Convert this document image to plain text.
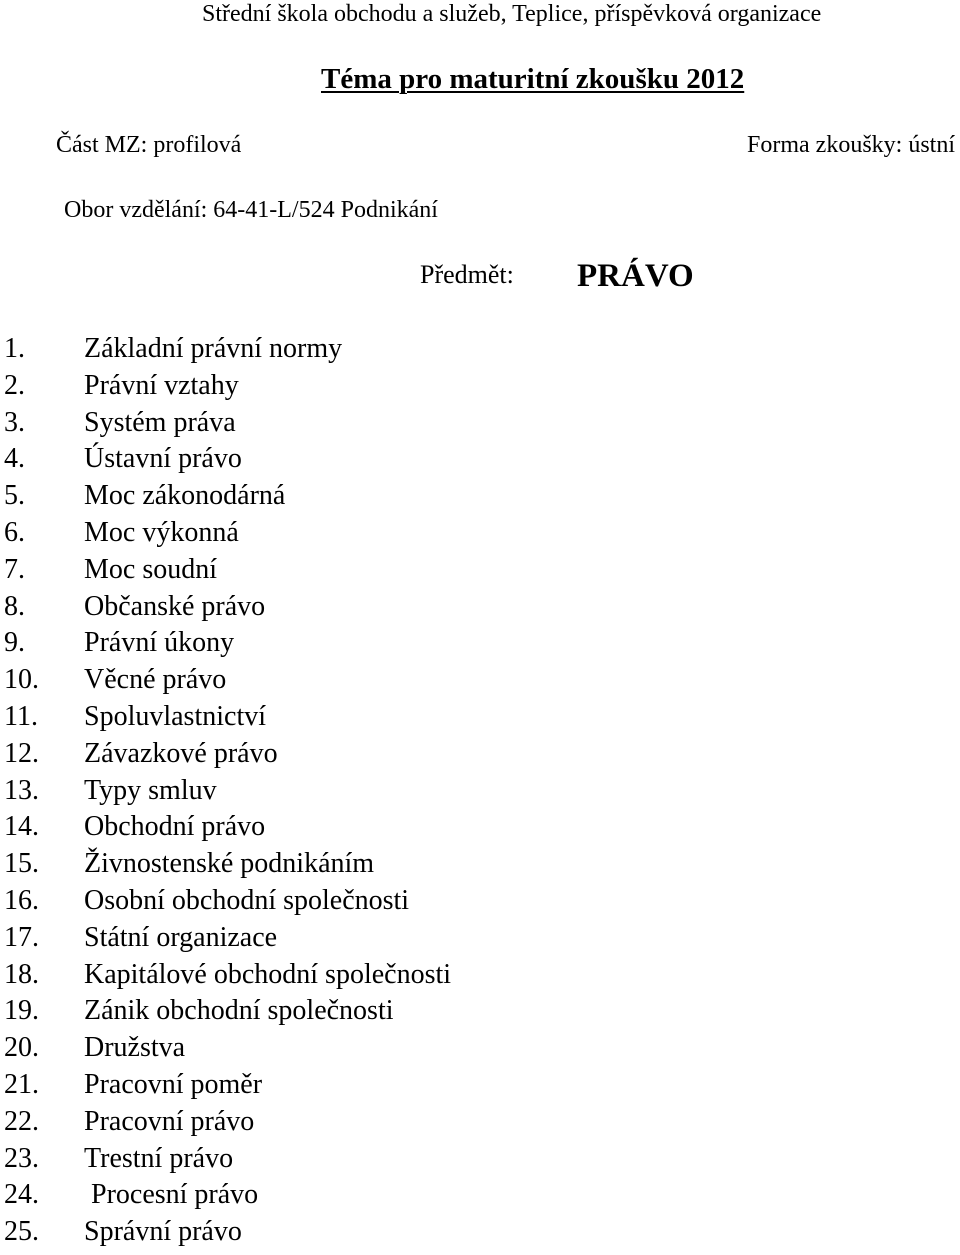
Střední škola obchodu a služeb, Teplice, příspěvková organizace
Téma pro maturitní zkoušku 2012
Část MZ: profilová	Forma zkoušky: ústní
Obor vzdělání: 64-41-L/524 Podnikání
Předmět: PRÁVO
1. Základní právní normy
2. Právní vztahy
3. Systém práva
4. Ústavní právo
5. Moc zákonodárná
6. Moc výkonná
7. Moc soudní
8. Občanské právo
9. Právní úkony
10. Věcné právo
11. Spoluvlastnictví
12. Závazkové právo
13. Typy smluv
14. Obchodní právo
15. Živnostenské podnikáním
16. Osobní obchodní společnosti
17. Státní organizace
18. Kapitálové obchodní společnosti
19. Zánik obchodní společnosti
20. Družstva
21. Pracovní poměr
22. Pracovní právo
23. Trestní právo
24. Procesní právo
25. Správní právo
